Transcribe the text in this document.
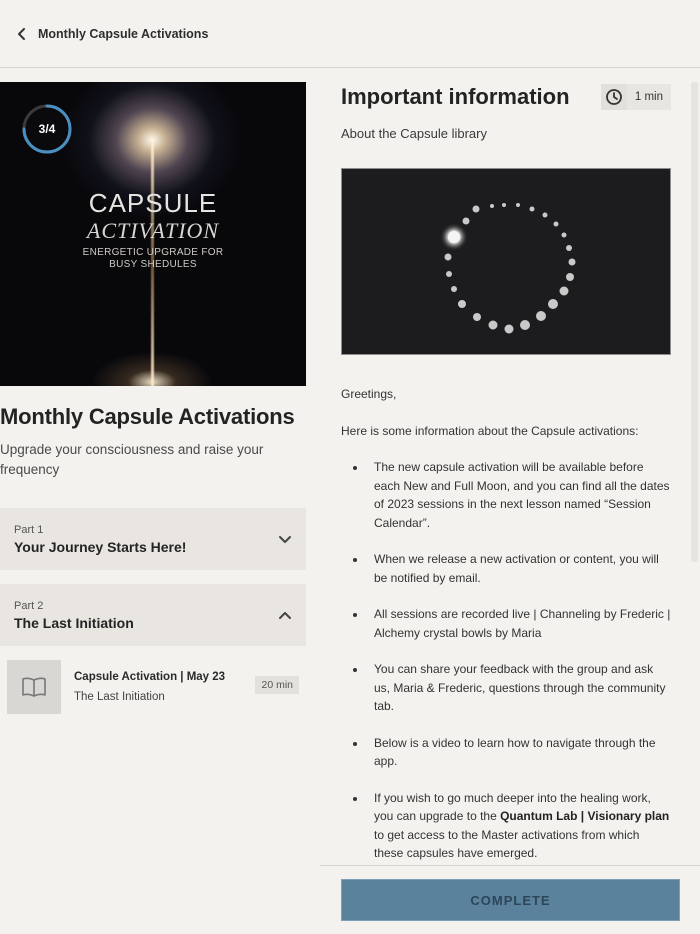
Monthly Capsule Activations
3/4
CAPSULE
ACTIVATION
ENERGETIC UPGRADE FOR
BUSY SHEDULES
Monthly Capsule Activations
Upgrade your consciousness and raise your frequency
Part 1
Your Journey Starts Here!
Part 2
The Last Initiation
Capsule Activation | May 23
The Last Initiation
20 min
Important information	1 min
About the Capsule library

Greetings,

Here is some information about the Capsule activations:

The new capsule activation will be available before each New and Full Moon, and you can find all the dates of 2023 sessions in the next lesson named “Session Calendar”.
When we release a new activation or content, you will be notified by email.
All sessions are recorded live | Channeling by Frederic | Alchemy crystal bowls by Maria
You can share your feedback with the group and ask us, Maria & Frederic, questions through the community tab.
Below is a video to learn how to navigate through the app.
If you wish to go much deeper into the healing work, you can upgrade to the Quantum Lab | Visionary plan to get access to the Master activations from which these capsules have emerged.
COMPLETE
